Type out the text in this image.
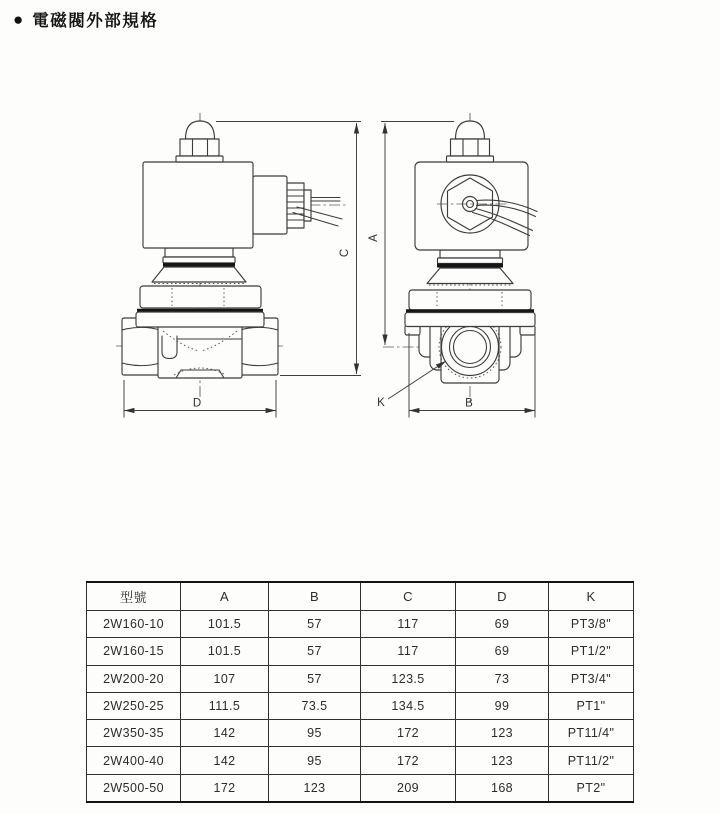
● 電磁閥外部規格
C
D
A
B
K
型號	A	B	C	D	K
2W160-10	101.5	57	117	69	PT3/8"
2W160-15	101.5	57	117	69	PT1/2"
2W200-20	107	57	123.5	73	PT3/4"
2W250-25	111.5	73.5	134.5	99	PT1"
2W350-35	142	95	172	123	PT11/4"
2W400-40	142	95	172	123	PT11/2"
2W500-50	172	123	209	168	PT2"
